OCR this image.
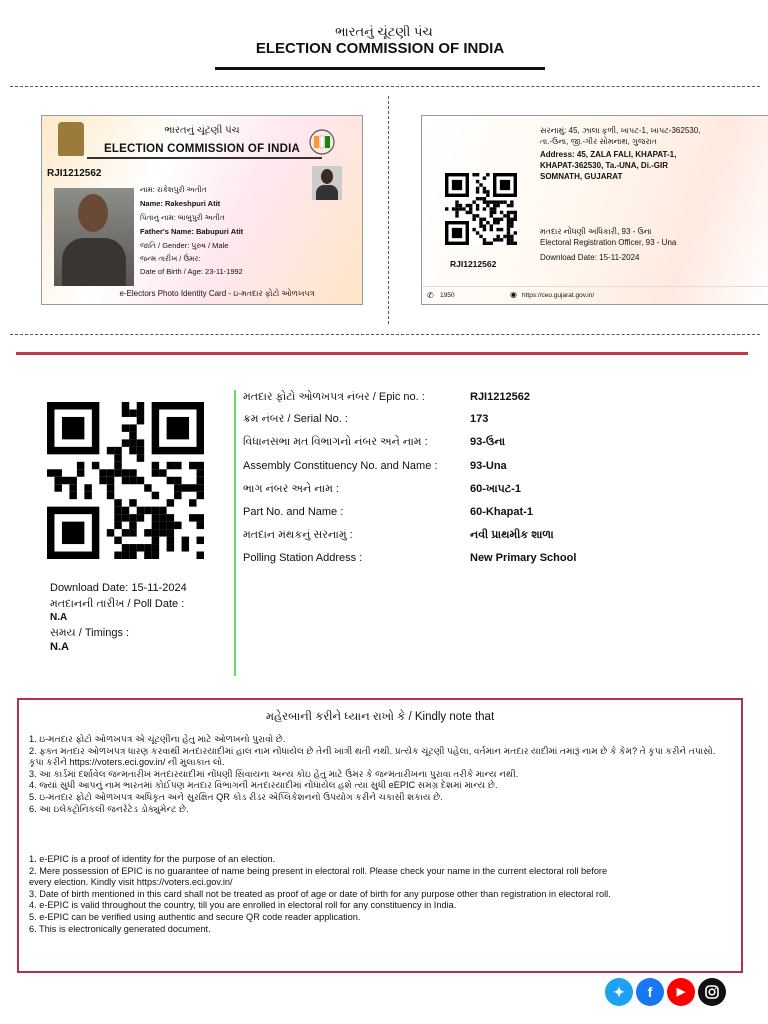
ભારતનું ચૂંટણી પંચ
ELECTION COMMISSION OF INDIA
ભારતનું ચૂંટણી પંચ
ELECTION COMMISSION OF INDIA
RJI1212562
નામ: રાકેશપુરી અતીત
Name: Rakeshpuri Atit
પિતાનું નામ: બાબુપુરી અતીત
Father's Name: Babupuri Atit
જાતિ / Gender: પુરુષ / Male
જન્મ તારીખ / ઉંમર:
Date of Birth / Age: 23-11-1992
e-Electors Photo Identity Card - ઇ-મતદાર ફોટો ઓળખપત્ર
સરનામું: 45, ઝાલા ફળી, ખાપટ-1, ખાપટ-362530,
તા.-ઉના, જી.-ગીર સોમનાથ, ગુજરાત
Address: 45, ZALA FALI, KHAPAT-1,
KHAPAT-362530, Ta.-UNA, Di.-GIR
SOMNATH, GUJARAT
મતદાર નોંધણી અધિકારી, 93 - ઉના
Electoral Registration Officer, 93 - Una
Download Date: 15-11-2024
RJI1212562
✆ 1950	◉ https://ceo.gujarat.gov.in/
Download Date: 15-11-2024
મતદાનની તારીખ / Poll Date :
N.A
સમય / Timings :
N.A
મતદાર ફોટો ઓળખપત્ર નંબર / Epic no. :	RJI1212562
ક્રમ નંબર / Serial No. :	173
વિધાનસભા મત વિભાગનો નંબર અને નામ :	93-ઉના
Assembly Constituency No. and Name :	93-Una
ભાગ નંબર અને નામ :	60-ખાપટ-1
Part No. and Name :	60-Khapat-1
મતદાન મથકનું સરનામું :	નવી પ્રાથમીક શાળા
Polling Station Address :	New Primary School
મહેરબાની કરીને ધ્યાન રાખો કે / Kindly note that
1. ઇ-મતદાર ફોટો ઓળખપત્ર એ ચૂંટણીના હેતુ માટે ઓળખનો પુરાવો છે.
2. ફક્ત મતદાર ઓળખપત્ર ધારણ કરવાથી મતદારયાદીમાં હાલ નામ નોંધાયેલ છે તેની ખાત્રી થતી નથી. પ્રત્યેક ચૂંટણી પહેલા, વર્તમાન મતદાર યાદીમાં તમારૂં નામ છે કે કેમ? તે કૃપા કરીને તપાસો.
કૃપા કરીને https://voters.eci.gov.in/ ની મુલાકાત લો.
3. આ કાર્ડમાં દર્શાવેલ જન્મતારીખ મતદારયાદીમાં નોંધણી સિવાયના અન્ય કોઇ હેતુ માટે ઉંમર કે જન્મતારીખના પુરાવા તરીકે માન્ય નથી.
4. જ્યાં સુધી આપનું નામ ભારતમાં કોઈપણ મતદાર વિભાગની મતદારયાદીમાં નોંધાયેલ હશે ત્યાં સુધી eEPIC સમગ્ર દેશમાં માન્ય છે.
5. ઇ-મતદાર ફોટો ઓળખપત્ર અધિકૃત અને સુરક્ષિત QR કોડ રીડર એપ્લિકેશનનો ઉપયોગ કરીને ચકાસી શકાય છે.
6. આ ઇલેક્ટ્રોનિકલી જનરેટેડ ડોક્યુમેન્ટ છે.
1. e-EPIC is a proof of identity for the purpose of an election.
2. Mere possession of EPIC is no guarantee of name being present in electoral roll. Please check your name in the current electoral roll before
every election. Kindly visit https://voters.eci.gov.in/
3. Date of birth mentioned in this card shall not be treated as proof of age or date of birth for any purpose other than registration in electoral roll.
4. e-EPIC is valid throughout the country, till you are enrolled in electoral roll for any constituency in India.
5. e-EPIC can be verified using authentic and secure QR code reader application.
6. This is electronically generated document.
✦	f	▶
